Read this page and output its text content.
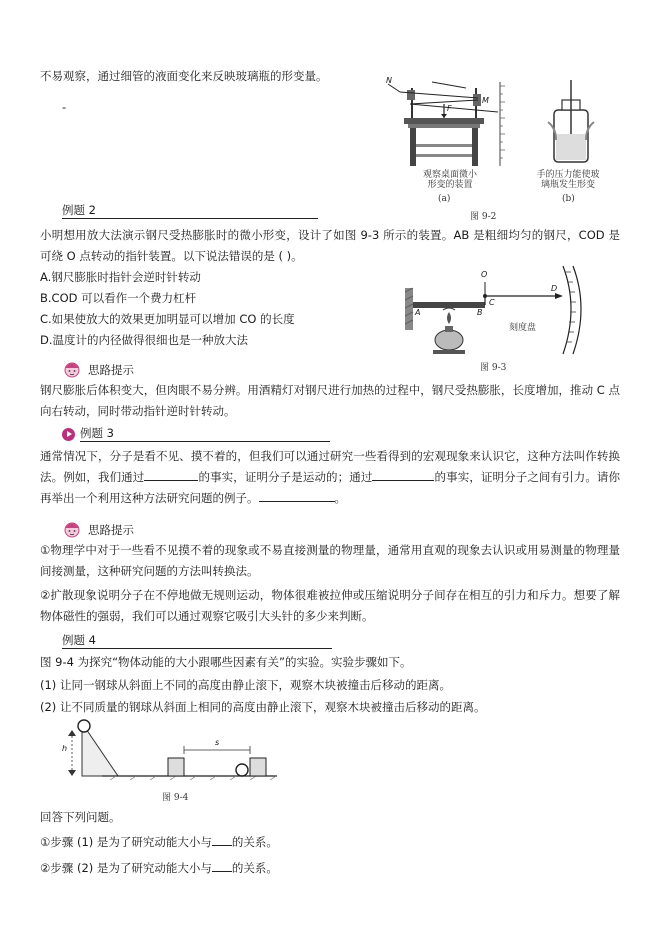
不易观察，通过细管的液面变化来反映玻璃瓶的形变量。
-
N
F
M
观察桌面微小
形变的装置
(a)
手的压力能使玻
璃瓶发生形变
(b)
图 9-2
例题 2
小明想用放大法演示钢尺受热膨胀时的微小形变，设计了如图 9-3 所示的装置。AB 是粗细均匀的钢尺，COD 是可绕 O 点转动的指针装置。以下说法错误的是 ( )。
A.钢尺膨胀时指针会逆时针转动
B.COD 可以看作一个费力杠杆
C.如果使放大的效果更加明显可以增加 CO 的长度
D.温度计的内径做得很细也是一种放大法
A	B
C
O
D
刻度盘
图 9-3
思路提示
钢尺膨胀后体积变大，但肉眼不易分辨。用酒精灯对钢尺进行加热的过程中，钢尺受热膨胀，长度增加，推动 C 点向右转动，同时带动指针逆时针转动。
例题 3
通常情况下，分子是看不见、摸不着的，但我们可以通过研究一些看得到的宏观现象来认识它，这种方法叫作转换法。例如，我们通过	的事实，证明分子是运动的；通过	的事实，证明分子之间有引力。请你再举出一个利用这种方法研究问题的例子。	。
思路提示
①物理学中对于一些看不见摸不着的现象或不易直接测量的物理量，通常用直观的现象去认识或用易测量的物理量间接测量，这种研究问题的方法叫转换法。
②扩散现象说明分子在不停地做无规则运动，物体很难被拉伸或压缩说明分子间存在相互的引力和斥力。想要了解物体磁性的强弱，我们可以通过观察它吸引大头针的多少来判断。
例题 4
图 9-4 为探究“物体动能的大小跟哪些因素有关”的实验。实验步骤如下。
(1) 让同一钢球从斜面上不同的高度由静止滚下，观察木块被撞击后移动的距离。
(2) 让不同质量的钢球从斜面上相同的高度由静止滚下，观察木块被撞击后移动的距离。
h
s
图 9-4
回答下列问题。
①步骤 (1) 是为了研究动能大小与 的关系。
②步骤 (2) 是为了研究动能大小与 的关系。
